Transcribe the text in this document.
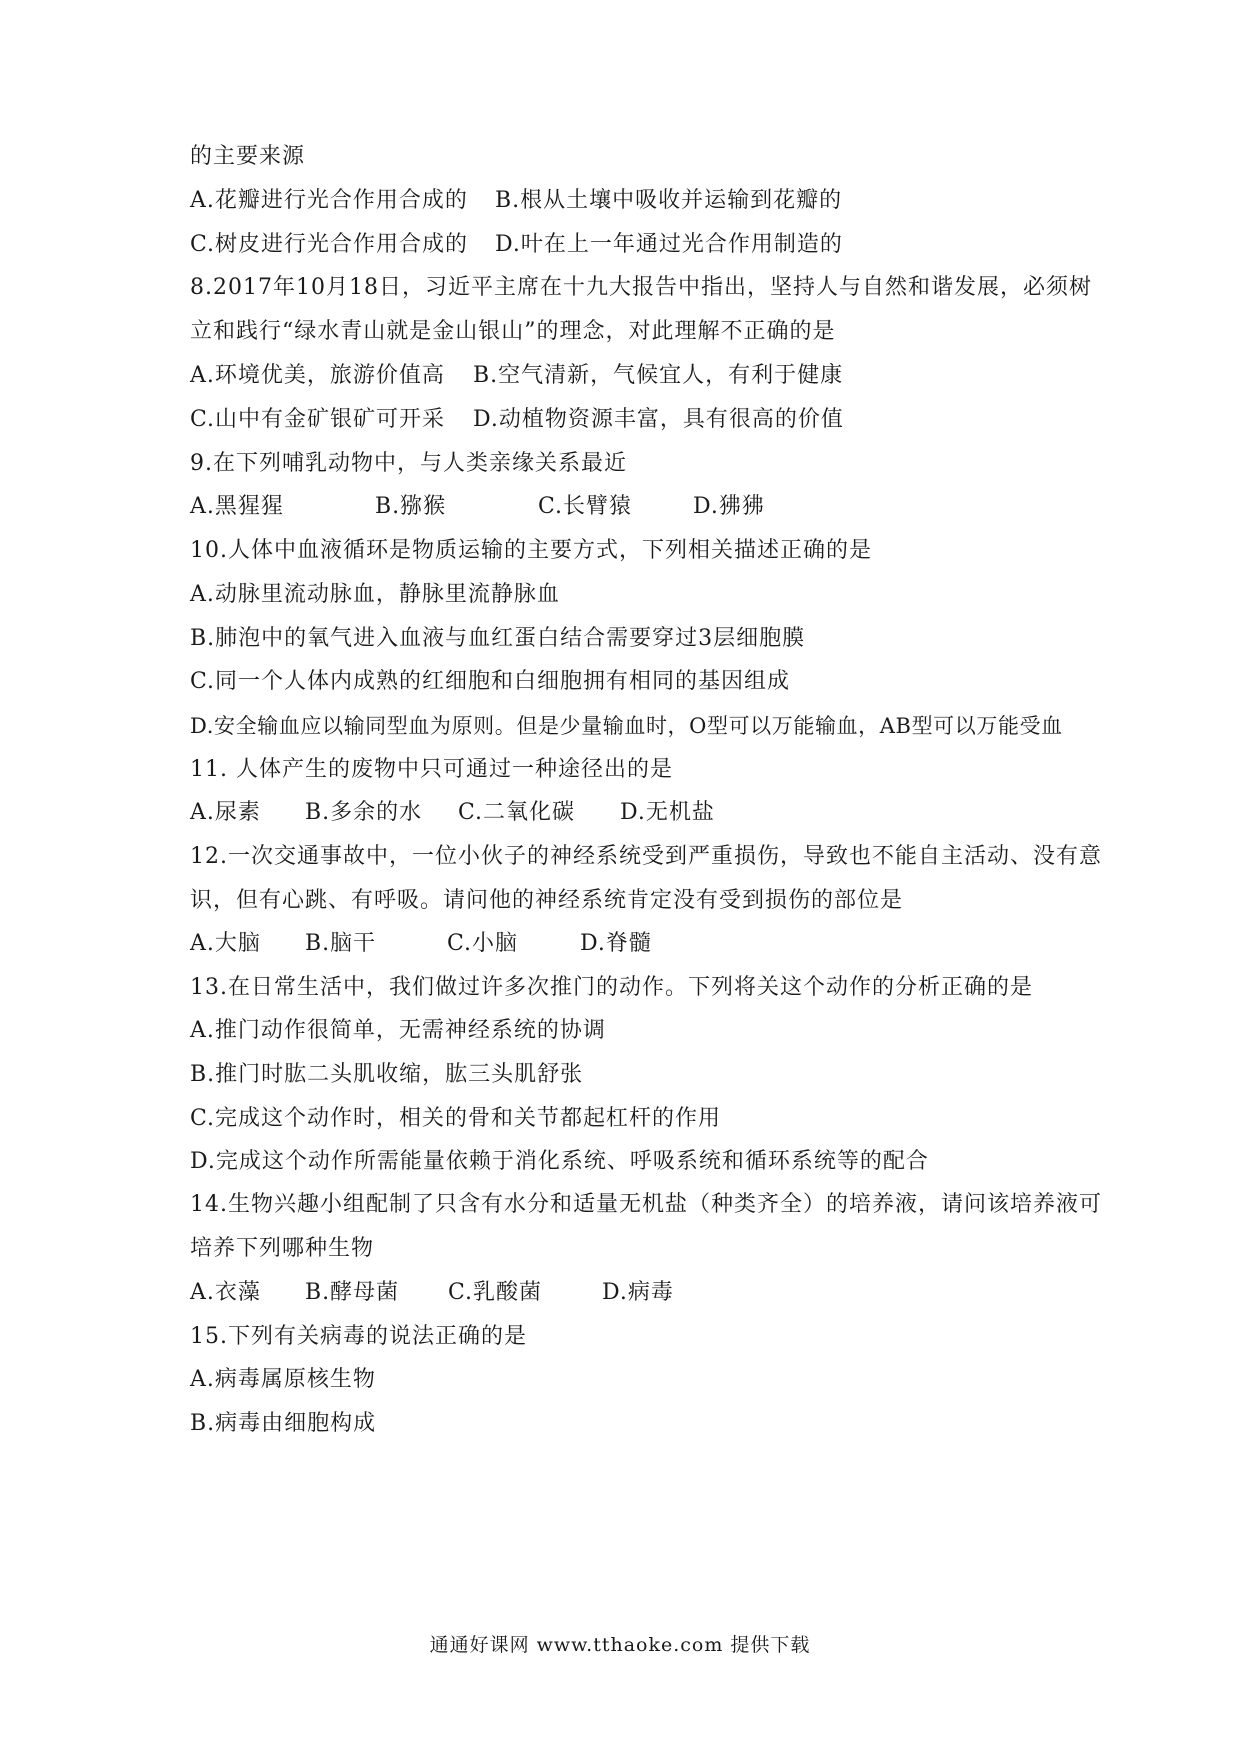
的主要来源
A.花瓣进行光合作用合成的 B.根从土壤中吸收并运输到花瓣的
C.树皮进行光合作用合成的 D.叶在上一年通过光合作用制造的
8.2017年10月18日，习近平主席在十九大报告中指出，坚持人与自然和谐发展，必须树
立和践行“绿水青山就是金山银山”的理念，对此理解不正确的是
A.环境优美，旅游价值高 B.空气清新，气候宜人，有利于健康
C.山中有金矿银矿可开采 D.动植物资源丰富，具有很高的价值
9.在下列哺乳动物中，与人类亲缘关系最近
A.黑猩猩	B.猕猴	C.长臂猿	D.狒狒
10.人体中血液循环是物质运输的主要方式，下列相关描述正确的是
A.动脉里流动脉血，静脉里流静脉血
B.肺泡中的氧气进入血液与血红蛋白结合需要穿过3层细胞膜
C.同一个人体内成熟的红细胞和白细胞拥有相同的基因组成
D.安全输血应以输同型血为原则。但是少量输血时，O型可以万能输血，AB型可以万能受血
11. 人体产生的废物中只可通过一种途径出的是
A.尿素 B.多余的水 C.二氧化碳 D.无机盐
12.一次交通事故中，一位小伙子的神经系统受到严重损伤，导致也不能自主活动、没有意
识，但有心跳、有呼吸。请问他的神经系统肯定没有受到损伤的部位是
A.大脑 B.脑干	C.小脑	D.脊髓
13.在日常生活中，我们做过许多次推门的动作。下列将关这个动作的分析正确的是
A.推门动作很简单，无需神经系统的协调
B.推门时肱二头肌收缩，肱三头肌舒张
C.完成这个动作时，相关的骨和关节都起杠杆的作用
D.完成这个动作所需能量依赖于消化系统、呼吸系统和循环系统等的配合
14.生物兴趣小组配制了只含有水分和适量无机盐（种类齐全）的培养液，请问该培养液可
培养下列哪种生物
A.衣藻 B.酵母菌 C.乳酸菌	D.病毒
15.下列有关病毒的说法正确的是
A.病毒属原核生物
B.病毒由细胞构成
通通好课网 www.tthaoke.com 提供下载
